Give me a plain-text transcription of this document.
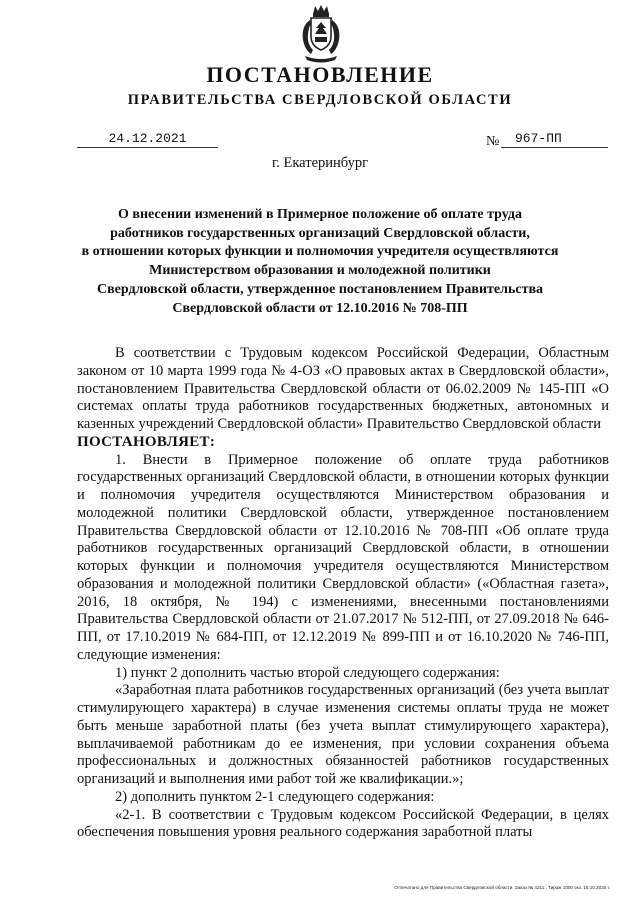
ПОСТАНОВЛЕНИЕ
ПРАВИТЕЛЬСТВА СВЕРДЛОВСКОЙ ОБЛАСТИ
24.12.2021	№	967-ПП
г. Екатеринбург
О внесении изменений в Примерное положение об оплате труда
работников государственных организаций Свердловской области,
в отношении которых функции и полномочия учредителя осуществляются
Министерством образования и молодежной политики
Свердловской области, утвержденное постановлением Правительства
Свердловской области от 12.10.2016 № 708-ПП

В соответствии с Трудовым кодексом Российской Федерации, Областным законом от 10 марта 1999 года № 4-ОЗ «О правовых актах в Свердловской области», постановлением Правительства Свердловской области от 06.02.2009 № 145-ПП «О системах оплаты труда работников государственных бюджетных, автономных и казенных учреждений Свердловской области» Правительство Свердловской области

ПОСТАНОВЛЯЕТ:

1. Внести в Примерное положение об оплате труда работников государственных организаций Свердловской области, в отношении которых функции и полномочия учредителя осуществляются Министерством образования и молодежной политики Свердловской области, утвержденное постановлением Правительства Свердловской области от 12.10.2016 № 708-ПП «Об оплате труда работников государственных организаций Свердловской области, в отношении которых функции и полномочия учредителя осуществляются Министерством образования и молодежной политики Свердловской области» («Областная газета», 2016, 18 октября, № 194) с изменениями, внесенными постановлениями Правительства Свердловской области от 21.07.2017 № 512-ПП, от 27.09.2018 № 646-ПП, от 17.10.2019 № 684-ПП, от 12.12.2019 № 899-ПП и от 16.10.2020 № 746-ПП, следующие изменения:

1) пункт 2 дополнить частью второй следующего содержания:

«Заработная плата работников государственных организаций (без учета выплат стимулирующего характера) в случае изменения системы оплаты труда не может быть меньше заработной платы (без учета выплат стимулирующего характера), выплачиваемой работникам до ее изменения, при условии сохранения объема профессиональных и должностных обязанностей работников государственных организаций и выполнения ими работ той же квалификации.»;

2) дополнить пунктом 2-1 следующего содержания:

«2-1. В соответствии с Трудовым кодексом Российской Федерации, в целях обеспечения повышения уровня реального содержания заработной платы

Отпечатано для Правительства Свердловской области. Заказ № 4211 . Тираж 1000 экз. 16.10.2020 г.
